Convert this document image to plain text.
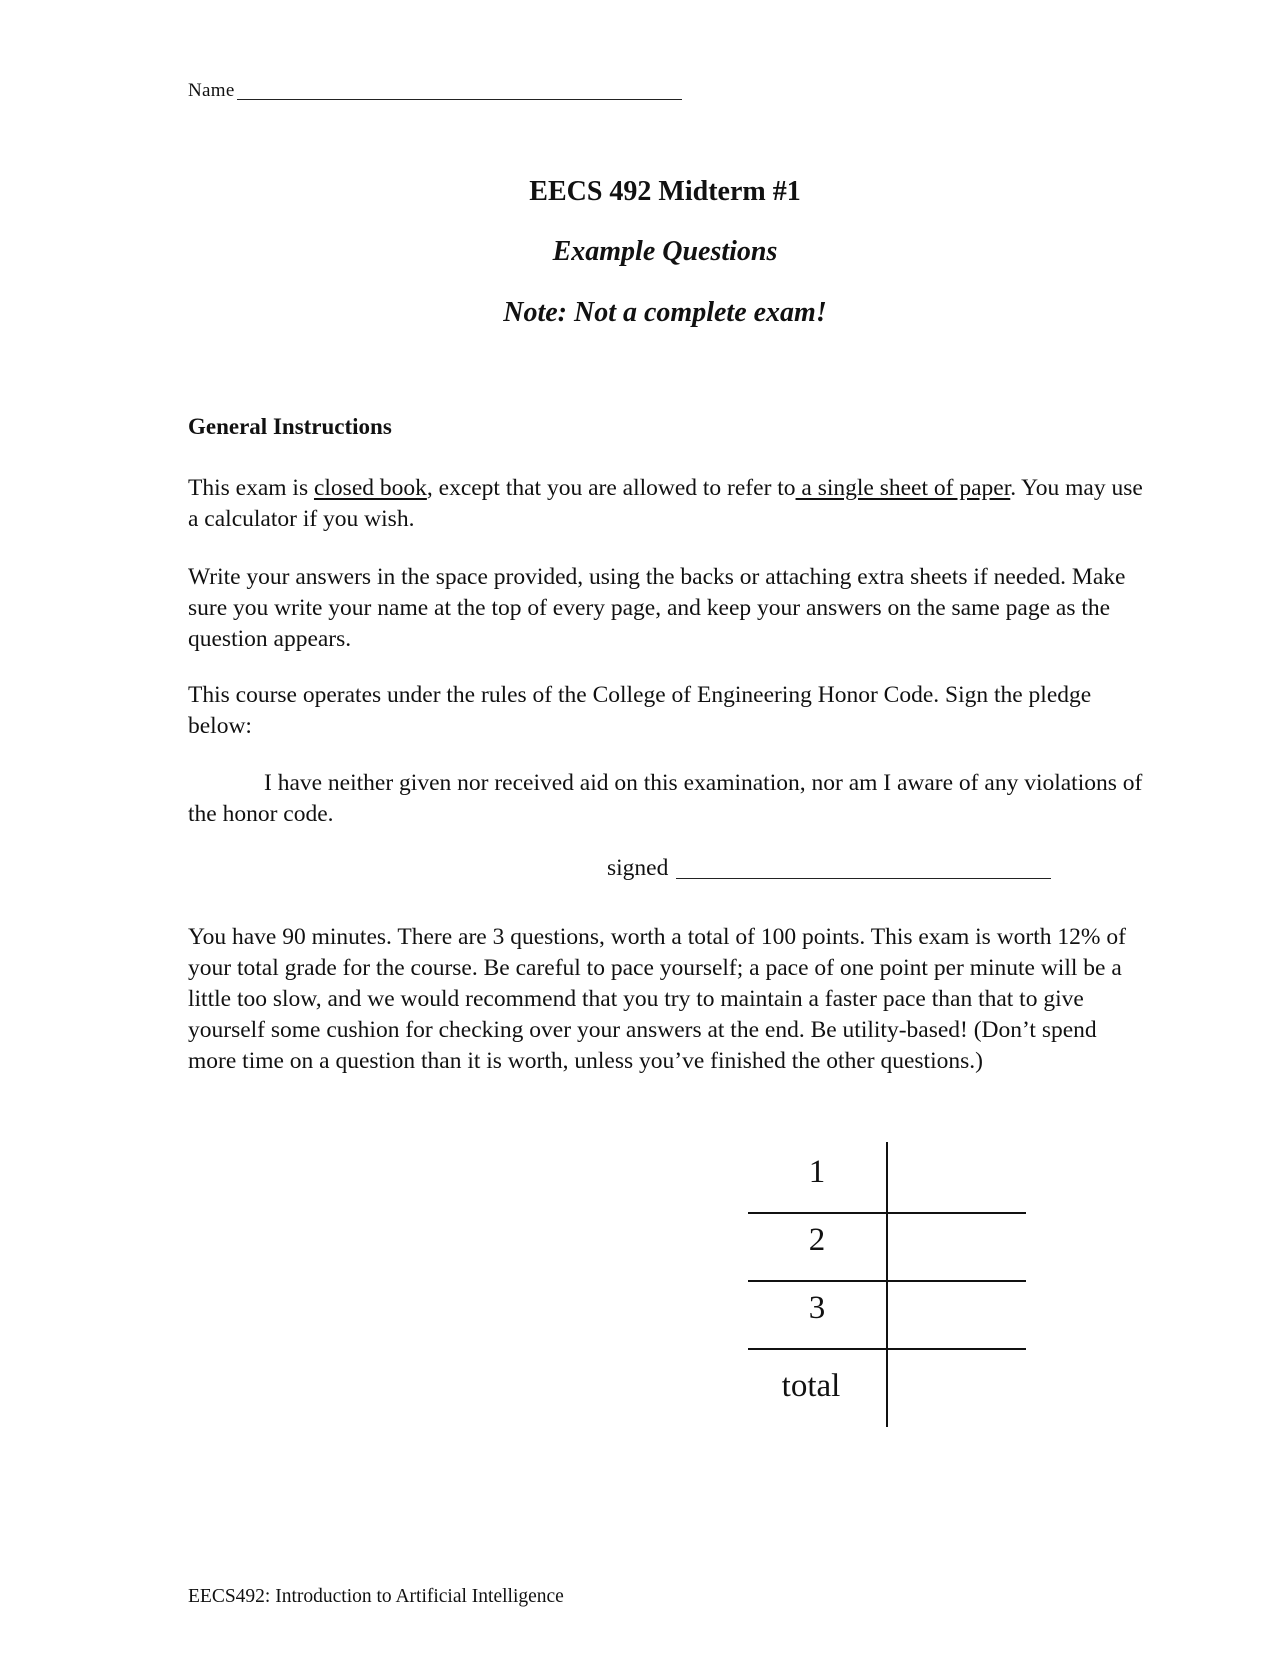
Name
EECS 492 Midterm #1
Example Questions
Note: Not a complete exam!
General Instructions
This exam is closed book, except that you are allowed to refer to a single sheet of paper. You may use a calculator if you wish.
Write your answers in the space provided, using the backs or attaching extra sheets if needed. Make sure you write your name at the top of every page, and keep your answers on the same page as the question appears.
This course operates under the rules of the College of Engineering Honor Code. Sign the pledge below:
I have neither given nor received aid on this examination, nor am I aware of any violations of the honor code.
signed
You have 90 minutes. There are 3 questions, worth a total of 100 points. This exam is worth 12% of your total grade for the course. Be careful to pace yourself; a pace of one point per minute will be a little too slow, and we would recommend that you try to maintain a faster pace than that to give yourself some cushion for checking over your answers at the end. Be utility-based! (Don’t spend more time on a question than it is worth, unless you’ve finished the other questions.)
1
2
3
total
EECS492: Introduction to Artificial Intelligence
